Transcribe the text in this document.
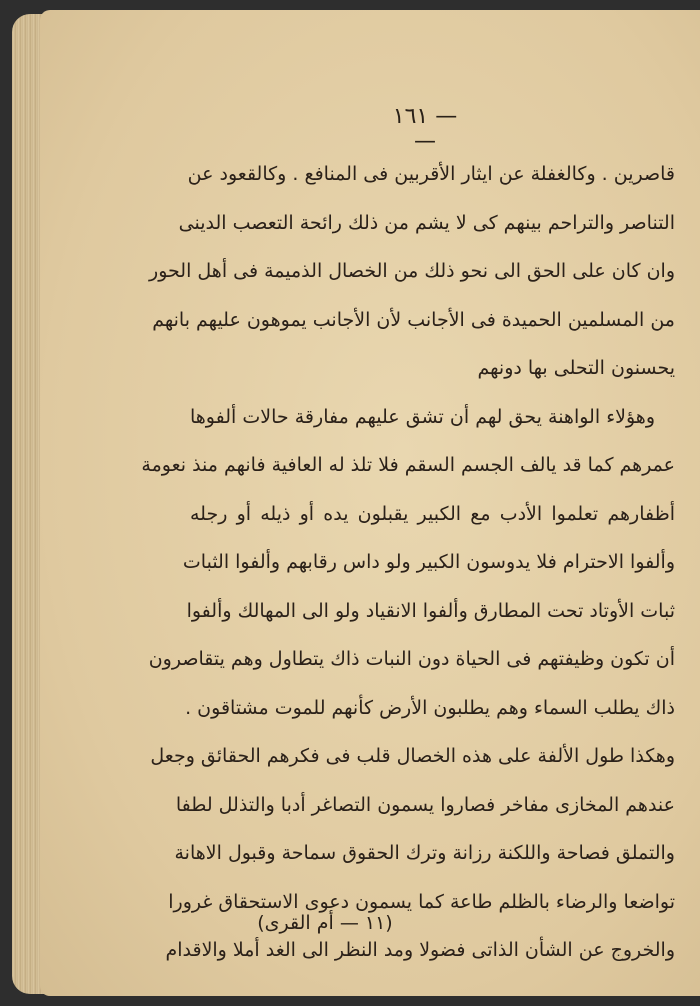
— ١٦١ —
قاصرين . وكالغفلة عن ايثار الأقربين فى المنافع . وكالقعود عن
التناصر والتراحم بينهم كى لا يشم من ذلك رائحة التعصب الدينى
وان كان على الحق الى نحو ذلك من الخصال الذميمة فى أهل الحور
من المسلمين الحميدة فى الأجانب لأن الأجانب يموهون عليهم بانهم
يحسنون التحلى بها دونهم
وهؤلاء الواهنة يحق لهم أن تشق عليهم مفارقة حالات ألفوها
عمرهم كما قد يالف الجسم السقم فلا تلذ له العافية فانهم منذ نعومة
أظفارهم تعلموا الأدب مع الكبير يقبلون يده أو ذيله أو رجله
وألفوا الاحترام فلا يدوسون الكبير ولو داس رقابهم وألفوا الثبات
ثبات الأوتاد تحت المطارق وألفوا الانقياد ولو الى المهالك وألفوا
أن تكون وظيفتهم فى الحياة دون النبات ذاك يتطاول وهم يتقاصرون
ذاك يطلب السماء وهم يطلبون الأرض كأنهم للموت مشتاقون .
وهكذا طول الألفة على هذه الخصال قلب فى فكرهم الحقائق وجعل
عندهم المخازى مفاخر فصاروا يسمون التصاغر أدبا والتذلل لطفا
والتملق فصاحة واللكنة رزانة وترك الحقوق سماحة وقبول الاهانة
تواضعا والرضاء بالظلم طاعة كما يسمون دعوى الاستحقاق غرورا
والخروج عن الشأن الذاتى فضولا ومد النظر الى الغد أملا والاقدام
(١١ — أم القرى)
